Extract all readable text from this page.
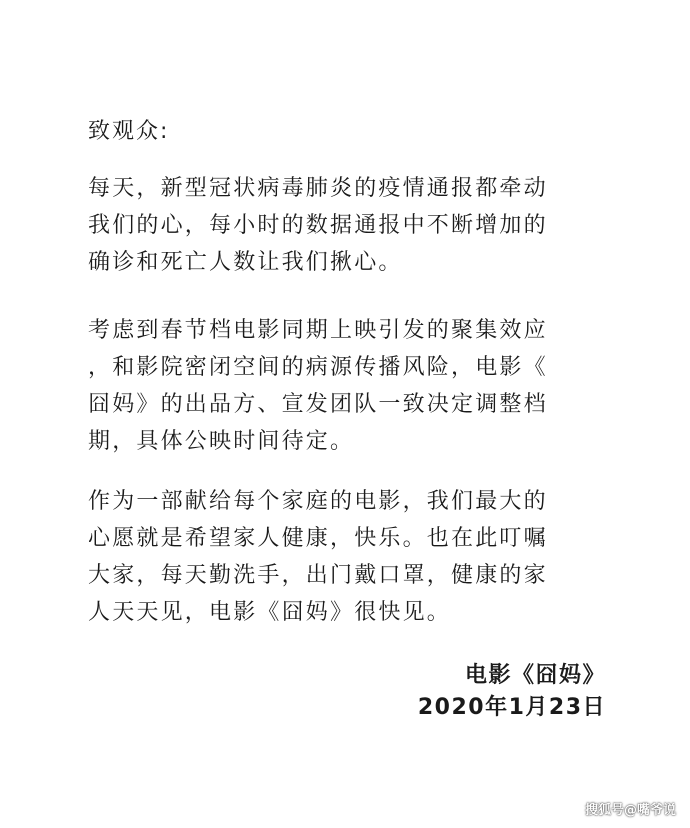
致观众:
每天，新型冠状病毒肺炎的疫情通报都牵动
我们的心，每小时的数据通报中不断增加的
确诊和死亡人数让我们揪心。
考虑到春节档电影同期上映引发的聚集效应
，和影院密闭空间的病源传播风险，电影《
囧妈》的出品方、宣发团队一致决定调整档
期，具体公映时间待定。
作为一部献给每个家庭的电影，我们最大的
心愿就是希望家人健康，快乐。也在此叮嘱
大家，每天勤洗手，出门戴口罩，健康的家
人天天见，电影《囧妈》很快见。
电影《囧妈》
2020年1月23日
搜狐号@嘴爷说
